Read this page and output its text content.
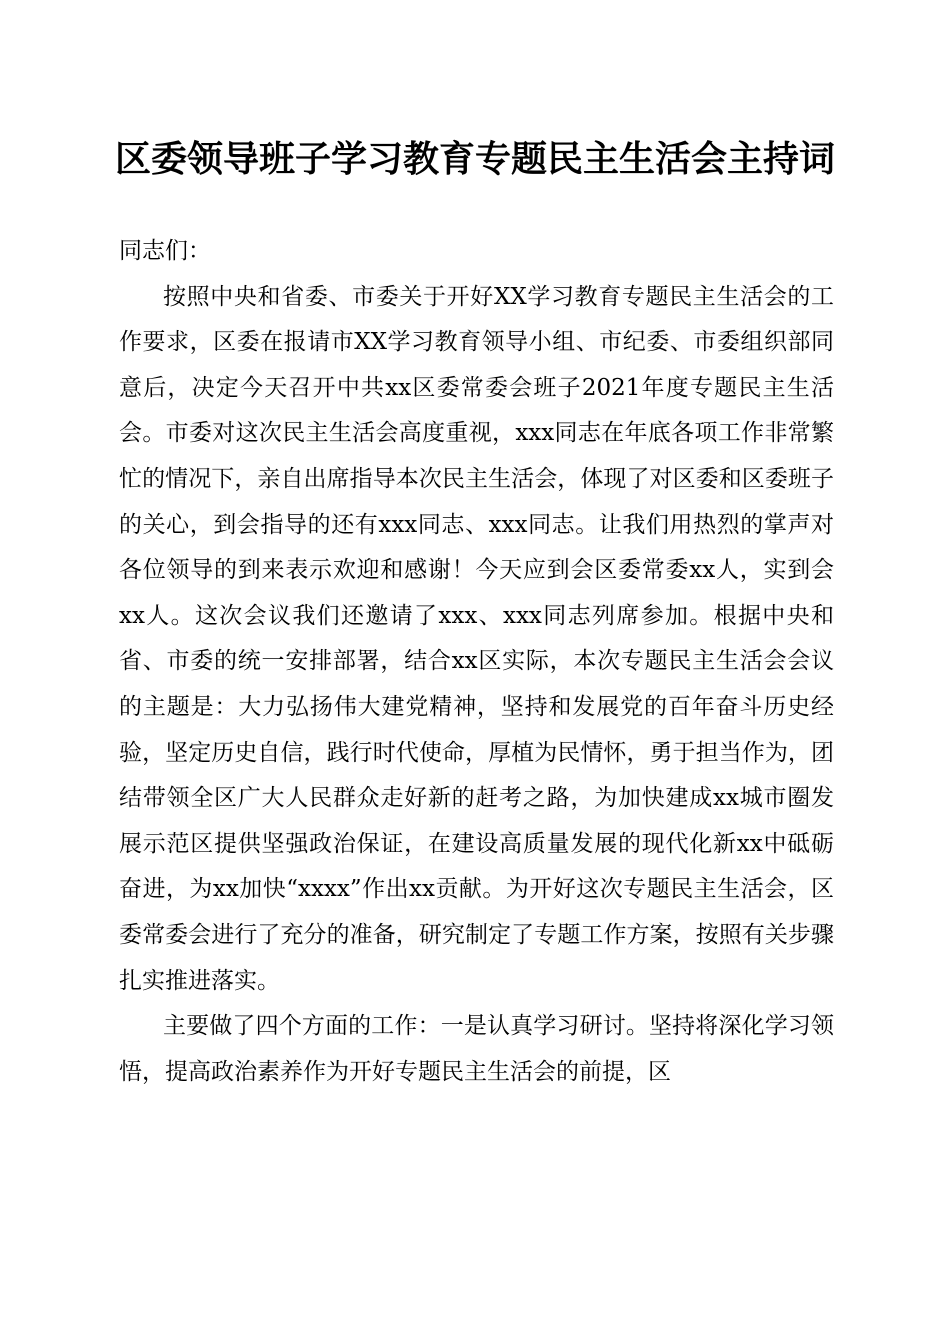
区委领导班子学习教育专题民主生活会主持词

同志们：

按照中央和省委、市委关于开好XX学习教育专题民主生活会的工作要求，区委在报请市XX学习教育领导小组、市纪委、市委组织部同意后，决定今天召开中共xx区委常委会班子2021年度专题民主生活会。市委对这次民主生活会高度重视，xxx同志在年底各项工作非常繁忙的情况下，亲自出席指导本次民主生活会，体现了对区委和区委班子的关心，到会指导的还有xxx同志、xxx同志。让我们用热烈的掌声对各位领导的到来表示欢迎和感谢！今天应到会区委常委xx人，实到会xx人。这次会议我们还邀请了xxx、xxx同志列席参加。根据中央和省、市委的统一安排部署，结合xx区实际，本次专题民主生活会会议的主题是：大力弘扬伟大建党精神，坚持和发展党的百年奋斗历史经验，坚定历史自信，践行时代使命，厚植为民情怀，勇于担当作为，团结带领全区广大人民群众走好新的赶考之路，为加快建成xx城市圈发展示范区提供坚强政治保证，在建设高质量发展的现代化新xx中砥砺奋进，为xx加快“xxxx”作出xx贡献。为开好这次专题民主生活会，区委常委会进行了充分的准备，研究制定了专题工作方案，按照有关步骤扎实推进落实。

主要做了四个方面的工作：一是认真学习研讨。坚持将深化学习领悟，提高政治素养作为开好专题民主生活会的前提，区
